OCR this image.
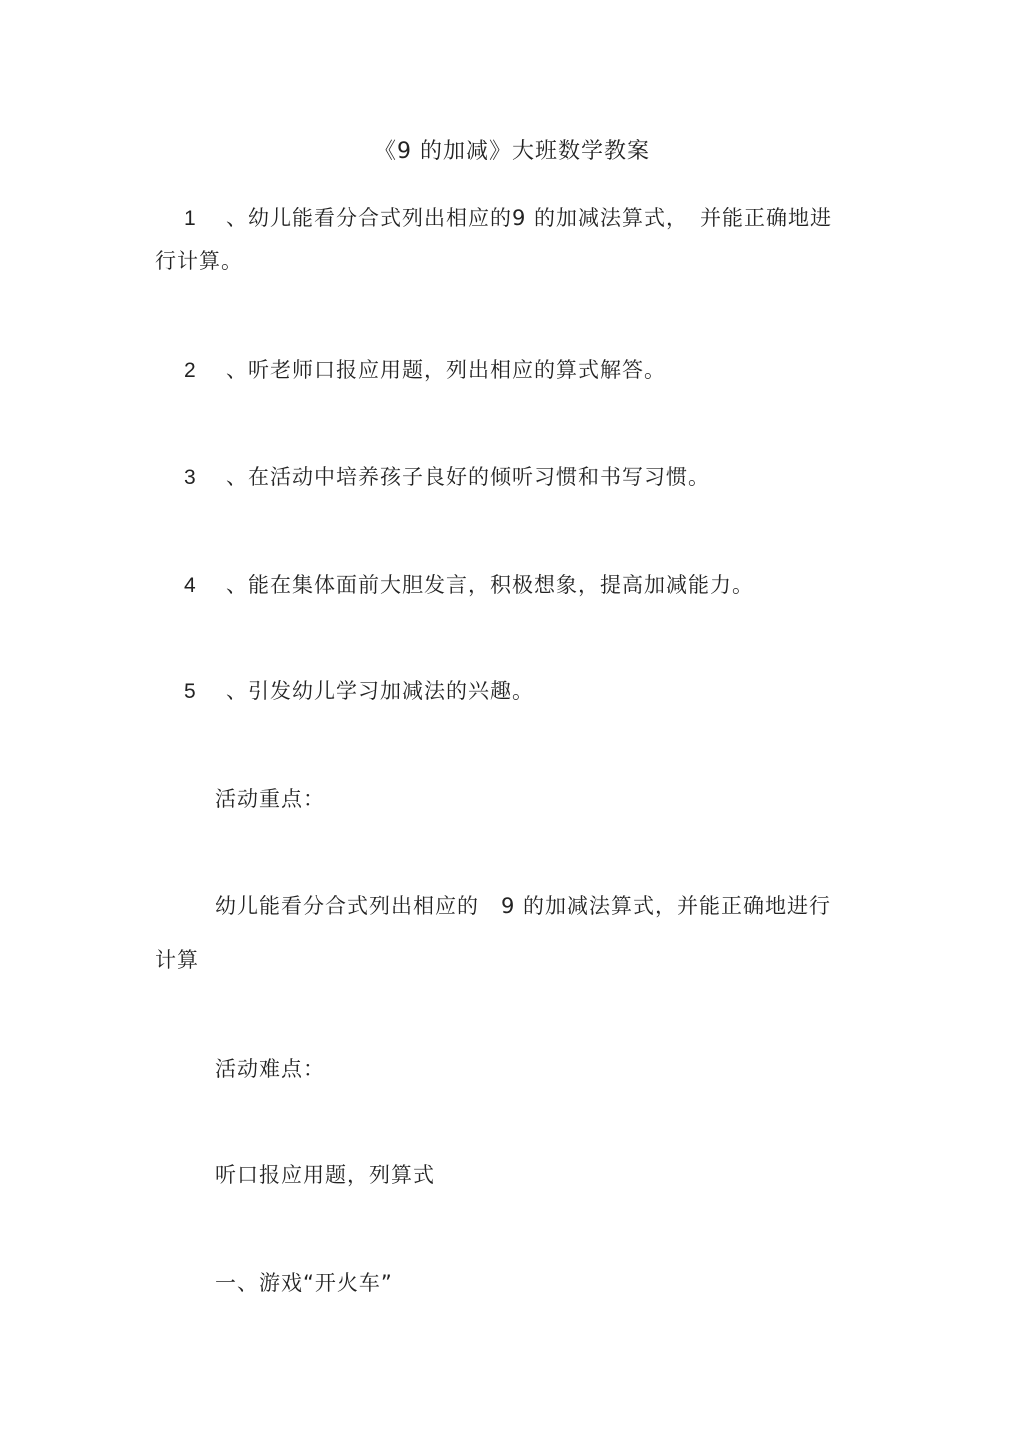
《9 的加减》大班数学教案
1 、幼儿能看分合式列出相应的9 的加减法算式， 并能正确地进
行计算。
2 、听老师口报应用题，列出相应的算式解答。
3 、在活动中培养孩子良好的倾听习惯和书写习惯。
4 、能在集体面前大胆发言，积极想象，提高加减能力。
5 、引发幼儿学习加减法的兴趣。
活动重点：
幼儿能看分合式列出相应的 9 的加减法算式，并能正确地进行
计算
活动难点：
听口报应用题，列算式
一、游戏“开火车”
